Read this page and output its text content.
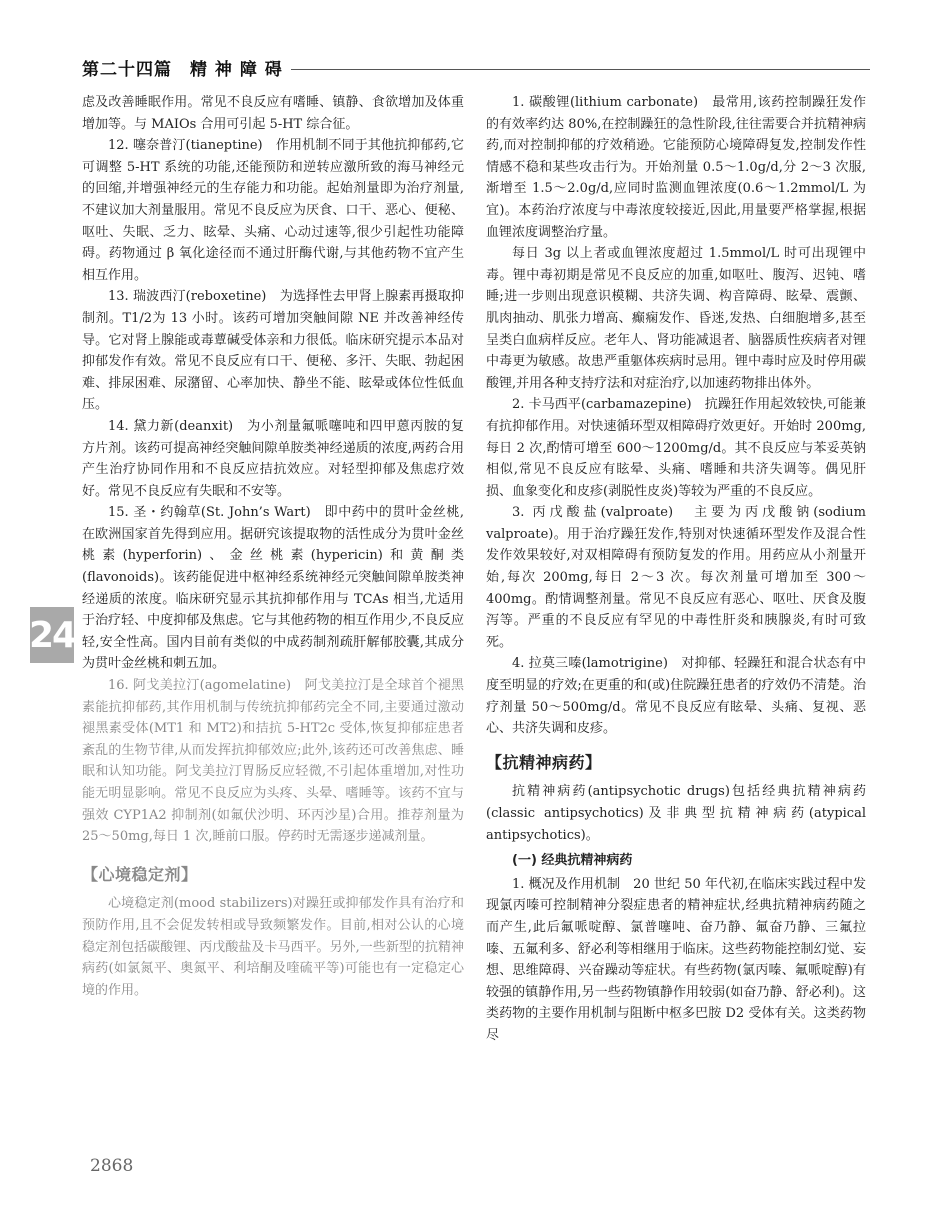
第二十四篇　精 神 障 碍
24

虑及改善睡眠作用。常见不良反应有嗜睡、镇静、食欲增加及体重增加等。与 MAIOs 合用可引起 5-HT 综合征。

12. 噻奈普汀(tianeptine)　作用机制不同于其他抗抑郁药,它可调整 5-HT 系统的功能,还能预防和逆转应激所致的海马神经元的回缩,并增强神经元的生存能力和功能。起始剂量即为治疗剂量,不建议加大剂量服用。常见不良反应为厌食、口干、恶心、便秘、呕吐、失眠、乏力、眩晕、头痛、心动过速等,很少引起性功能障碍。药物通过 β 氧化途径而不通过肝酶代谢,与其他药物不宜产生相互作用。

13. 瑞波西汀(reboxetine)　为选择性去甲肾上腺素再摄取抑制剂。T1/2为 13 小时。该药可增加突触间隙 NE 并改善神经传导。它对肾上腺能或毒蕈碱受体亲和力很低。临床研究提示本品对抑郁发作有效。常见不良反应有口干、便秘、多汗、失眠、勃起困难、排尿困难、尿潴留、心率加快、静坐不能、眩晕或体位性低血压。

14. 黛力新(deanxit)　为小剂量氟哌噻吨和四甲蒽丙胺的复方片剂。该药可提高神经突触间隙单胺类神经递质的浓度,两药合用产生治疗协同作用和不良反应拮抗效应。对轻型抑郁及焦虑疗效好。常见不良反应有失眠和不安等。

15. 圣・约翰草(St. John’s Wart)　即中药中的贯叶金丝桃,在欧洲国家首先得到应用。据研究该提取物的活性成分为贯叶金丝桃素(hyperforin)、金丝桃素(hypericin)和黄酮类(flavonoids)。该药能促进中枢神经系统神经元突触间隙单胺类神经递质的浓度。临床研究显示其抗抑郁作用与 TCAs 相当,尤适用于治疗轻、中度抑郁及焦虑。它与其他药物的相互作用少,不良反应轻,安全性高。国内目前有类似的中成药制剂疏肝解郁胶囊,其成分为贯叶金丝桃和刺五加。

16. 阿戈美拉汀(agomelatine)　阿戈美拉汀是全球首个褪黑素能抗抑郁药,其作用机制与传统抗抑郁药完全不同,主要通过激动褪黑素受体(MT1 和 MT2)和拮抗 5-HT2c 受体,恢复抑郁症患者紊乱的生物节律,从而发挥抗抑郁效应;此外,该药还可改善焦虑、睡眠和认知功能。阿戈美拉汀胃肠反应轻微,不引起体重增加,对性功能无明显影响。常见不良反应为头疼、头晕、嗜睡等。该药不宜与强效 CYP1A2 抑制剂(如氟伏沙明、环丙沙星)合用。推荐剂量为 25～50mg,每日 1 次,睡前口服。停药时无需逐步递减剂量。

【心境稳定剂】

心境稳定剂(mood stabilizers)对躁狂或抑郁发作具有治疗和预防作用,且不会促发转相或导致频繁发作。目前,相对公认的心境稳定剂包括碳酸锂、丙戊酸盐及卡马西平。另外,一些新型的抗精神病药(如氯氮平、奥氮平、利培酮及喹硫平等)可能也有一定稳定心境的作用。

1. 碳酸锂(lithium carbonate)　最常用,该药控制躁狂发作的有效率约达 80%,在控制躁狂的急性阶段,往往需要合并抗精神病药,而对控制抑郁的疗效稍逊。它能预防心境障碍复发,控制发作性情感不稳和某些攻击行为。开始剂量 0.5～1.0g/d,分 2～3 次服,渐增至 1.5～2.0g/d,应同时监测血锂浓度(0.6～1.2mmol/L 为宜)。本药治疗浓度与中毒浓度较接近,因此,用量要严格掌握,根据血锂浓度调整治疗量。

每日 3g 以上者或血锂浓度超过 1.5mmol/L 时可出现锂中毒。锂中毒初期是常见不良反应的加重,如呕吐、腹泻、迟钝、嗜睡;进一步则出现意识模糊、共济失调、构音障碍、眩晕、震颤、肌肉抽动、肌张力增高、癫痫发作、昏迷,发热、白细胞增多,甚至呈类白血病样反应。老年人、肾功能减退者、脑器质性疾病者对锂中毒更为敏感。故患严重躯体疾病时忌用。锂中毒时应及时停用碳酸锂,并用各种支持疗法和对症治疗,以加速药物排出体外。

2. 卡马西平(carbamazepine)　抗躁狂作用起效较快,可能兼有抗抑郁作用。对快速循环型双相障碍疗效更好。开始时 200mg,每日 2 次,酌情可增至 600～1200mg/d。其不良反应与苯妥英钠相似,常见不良反应有眩晕、头痛、嗜睡和共济失调等。偶见肝损、血象变化和皮疹(剥脱性皮炎)等较为严重的不良反应。

3. 丙戊酸盐(valproate)　主要为丙戊酸钠(sodium valproate)。用于治疗躁狂发作,特别对快速循环型发作及混合性发作效果较好,对双相障碍有预防复发的作用。用药应从小剂量开始,每次 200mg,每日 2～3 次。每次剂量可增加至 300～400mg。酌情调整剂量。常见不良反应有恶心、呕吐、厌食及腹泻等。严重的不良反应有罕见的中毒性肝炎和胰腺炎,有时可致死。

4. 拉莫三嗪(lamotrigine)　对抑郁、轻躁狂和混合状态有中度至明显的疗效;在更重的和(或)住院躁狂患者的疗效仍不清楚。治疗剂量 50～500mg/d。常见不良反应有眩晕、头痛、复视、恶心、共济失调和皮疹。

【抗精神病药】

抗精神病药(antipsychotic drugs)包括经典抗精神病药(classic antipsychotics)及非典型抗精神病药(atypical antipsychotics)。

(一) 经典抗精神病药

1. 概况及作用机制　20 世纪 50 年代初,在临床实践过程中发现氯丙嗪可控制精神分裂症患者的精神症状,经典抗精神病药随之而产生,此后氟哌啶醇、氯普噻吨、奋乃静、氟奋乃静、三氟拉嗪、五氟利多、舒必利等相继用于临床。这些药物能控制幻觉、妄想、思维障碍、兴奋躁动等症状。有些药物(氯丙嗪、氟哌啶醇)有较强的镇静作用,另一些药物镇静作用较弱(如奋乃静、舒必利)。这类药物的主要作用机制与阻断中枢多巴胺 D2 受体有关。这类药物尽

2868
